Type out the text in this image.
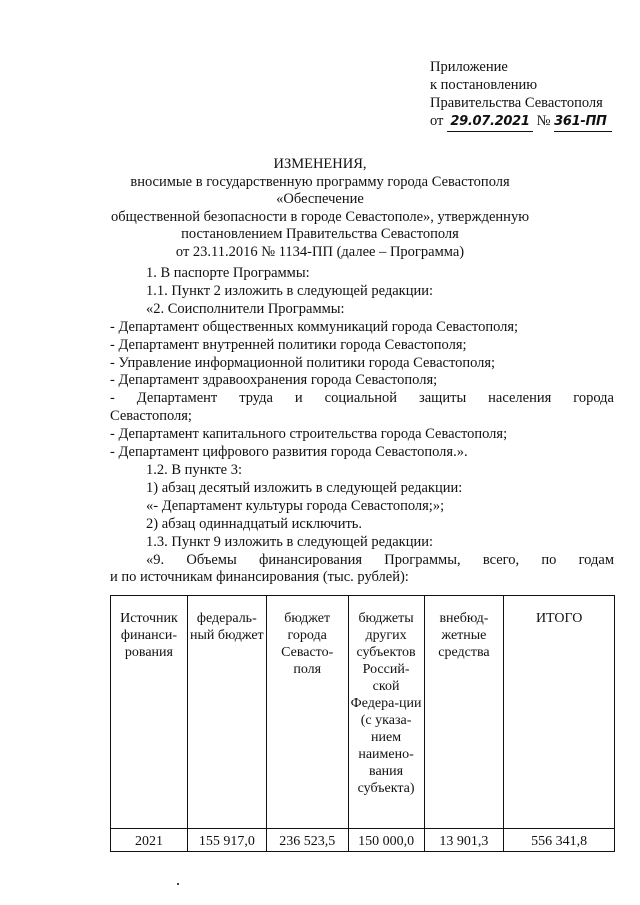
Приложение
к постановлению
Правительства Севастополя
от 29.07.2021 № 361-ПП
ИЗМЕНЕНИЯ,
вносимые в государственную программу города Севастополя «Обеспечение
общественной безопасности в городе Севастополе», утвержденную
постановлением Правительства Севастополя
от 23.11.2016 № 1134-ПП (далее – Программа)

1. В паспорте Программы:

1.1. Пункт 2 изложить в следующей редакции:

«2. Соисполнители Программы:

- Департамент общественных коммуникаций города Севастополя;

- Департамент внутренней политики города Севастополя;

- Управление информационной политики города Севастополя;

- Департамент здравоохранения города Севастополя;

- Департамент труда и социальной защиты населения города

Севастополя;

- Департамент капитального строительства города Севастополя;

- Департамент цифрового развития города Севастополя.».

1.2. В пункте 3:

1) абзац десятый изложить в следующей редакции:

«- Департамент культуры города Севастополя;»;

2) абзац одиннадцатый исключить.

1.3. Пункт 9 изложить в следующей редакции:

«9. Объемы финансирования Программы, всего, по годам

и по источникам финансирования (тыс. рублей):

Источник финанси-рования	федераль-ный бюджет	бюджет города Севасто-поля	бюджеты других субъектов Россий-ской Федера-ции (с указа-нием наимено-вания субъекта)	внебюд-жетные средства	ИТОГО
2021	155 917,0	236 523,5	150 000,0	13 901,3	556 341,8
